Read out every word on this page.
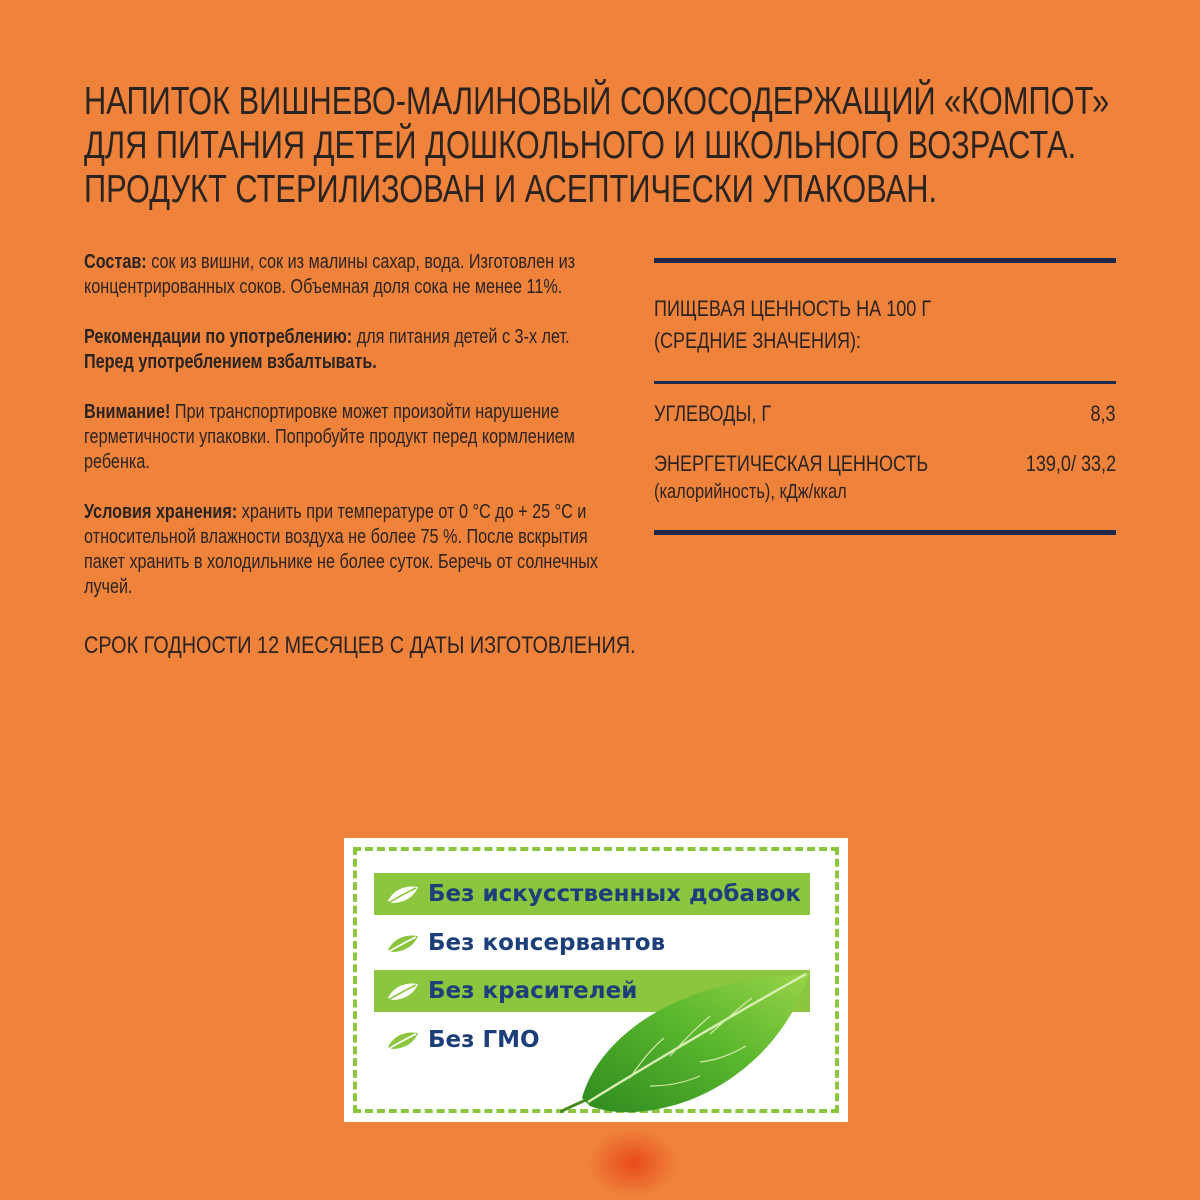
НАПИТОК ВИШНЕВО-МАЛИНОВЫЙ СОКОСОДЕРЖАЩИЙ «КОМПОТ»
ДЛЯ ПИТАНИЯ ДЕТЕЙ ДОШКОЛЬНОГО И ШКОЛЬНОГО ВОЗРАСТА.
ПРОДУКТ СТЕРИЛИЗОВАН И АСЕПТИЧЕСКИ УПАКОВАН.

Состав: сок из вишни, сок из малины сахар, вода. Изготовлен из концентрированных соков. Объемная доля сока не менее 11%.

Рекомендации по употреблению: для питания детей с 3-х лет.
Перед употреблением взбалтывать.

Внимание! При транспортировке может произойти нарушение герметичности упаковки. Попробуйте продукт перед кормлением ребенка.

Условия хранения: хранить при температуре от 0 °С до + 25 °С и относительной влажности воздуха не более 75 %. После вскрытия пакет хранить в холодильнике не более суток. Беречь от солнечных лучей.

СРОК ГОДНОСТИ 12 МЕСЯЦЕВ С ДАТЫ ИЗГОТОВЛЕНИЯ.
ПИЩЕВАЯ ЦЕННОСТЬ НА 100 Г
(СРЕДНИЕ ЗНАЧЕНИЯ):
УГЛЕВОДЫ, Г	8,3
ЭНЕРГЕТИЧЕСКАЯ ЦЕННОСТЬ
(калорийность), кДж/ккал
139,0/ 33,2
Без искусственных добавок
Без консервантов
Без красителей
Без ГМО
